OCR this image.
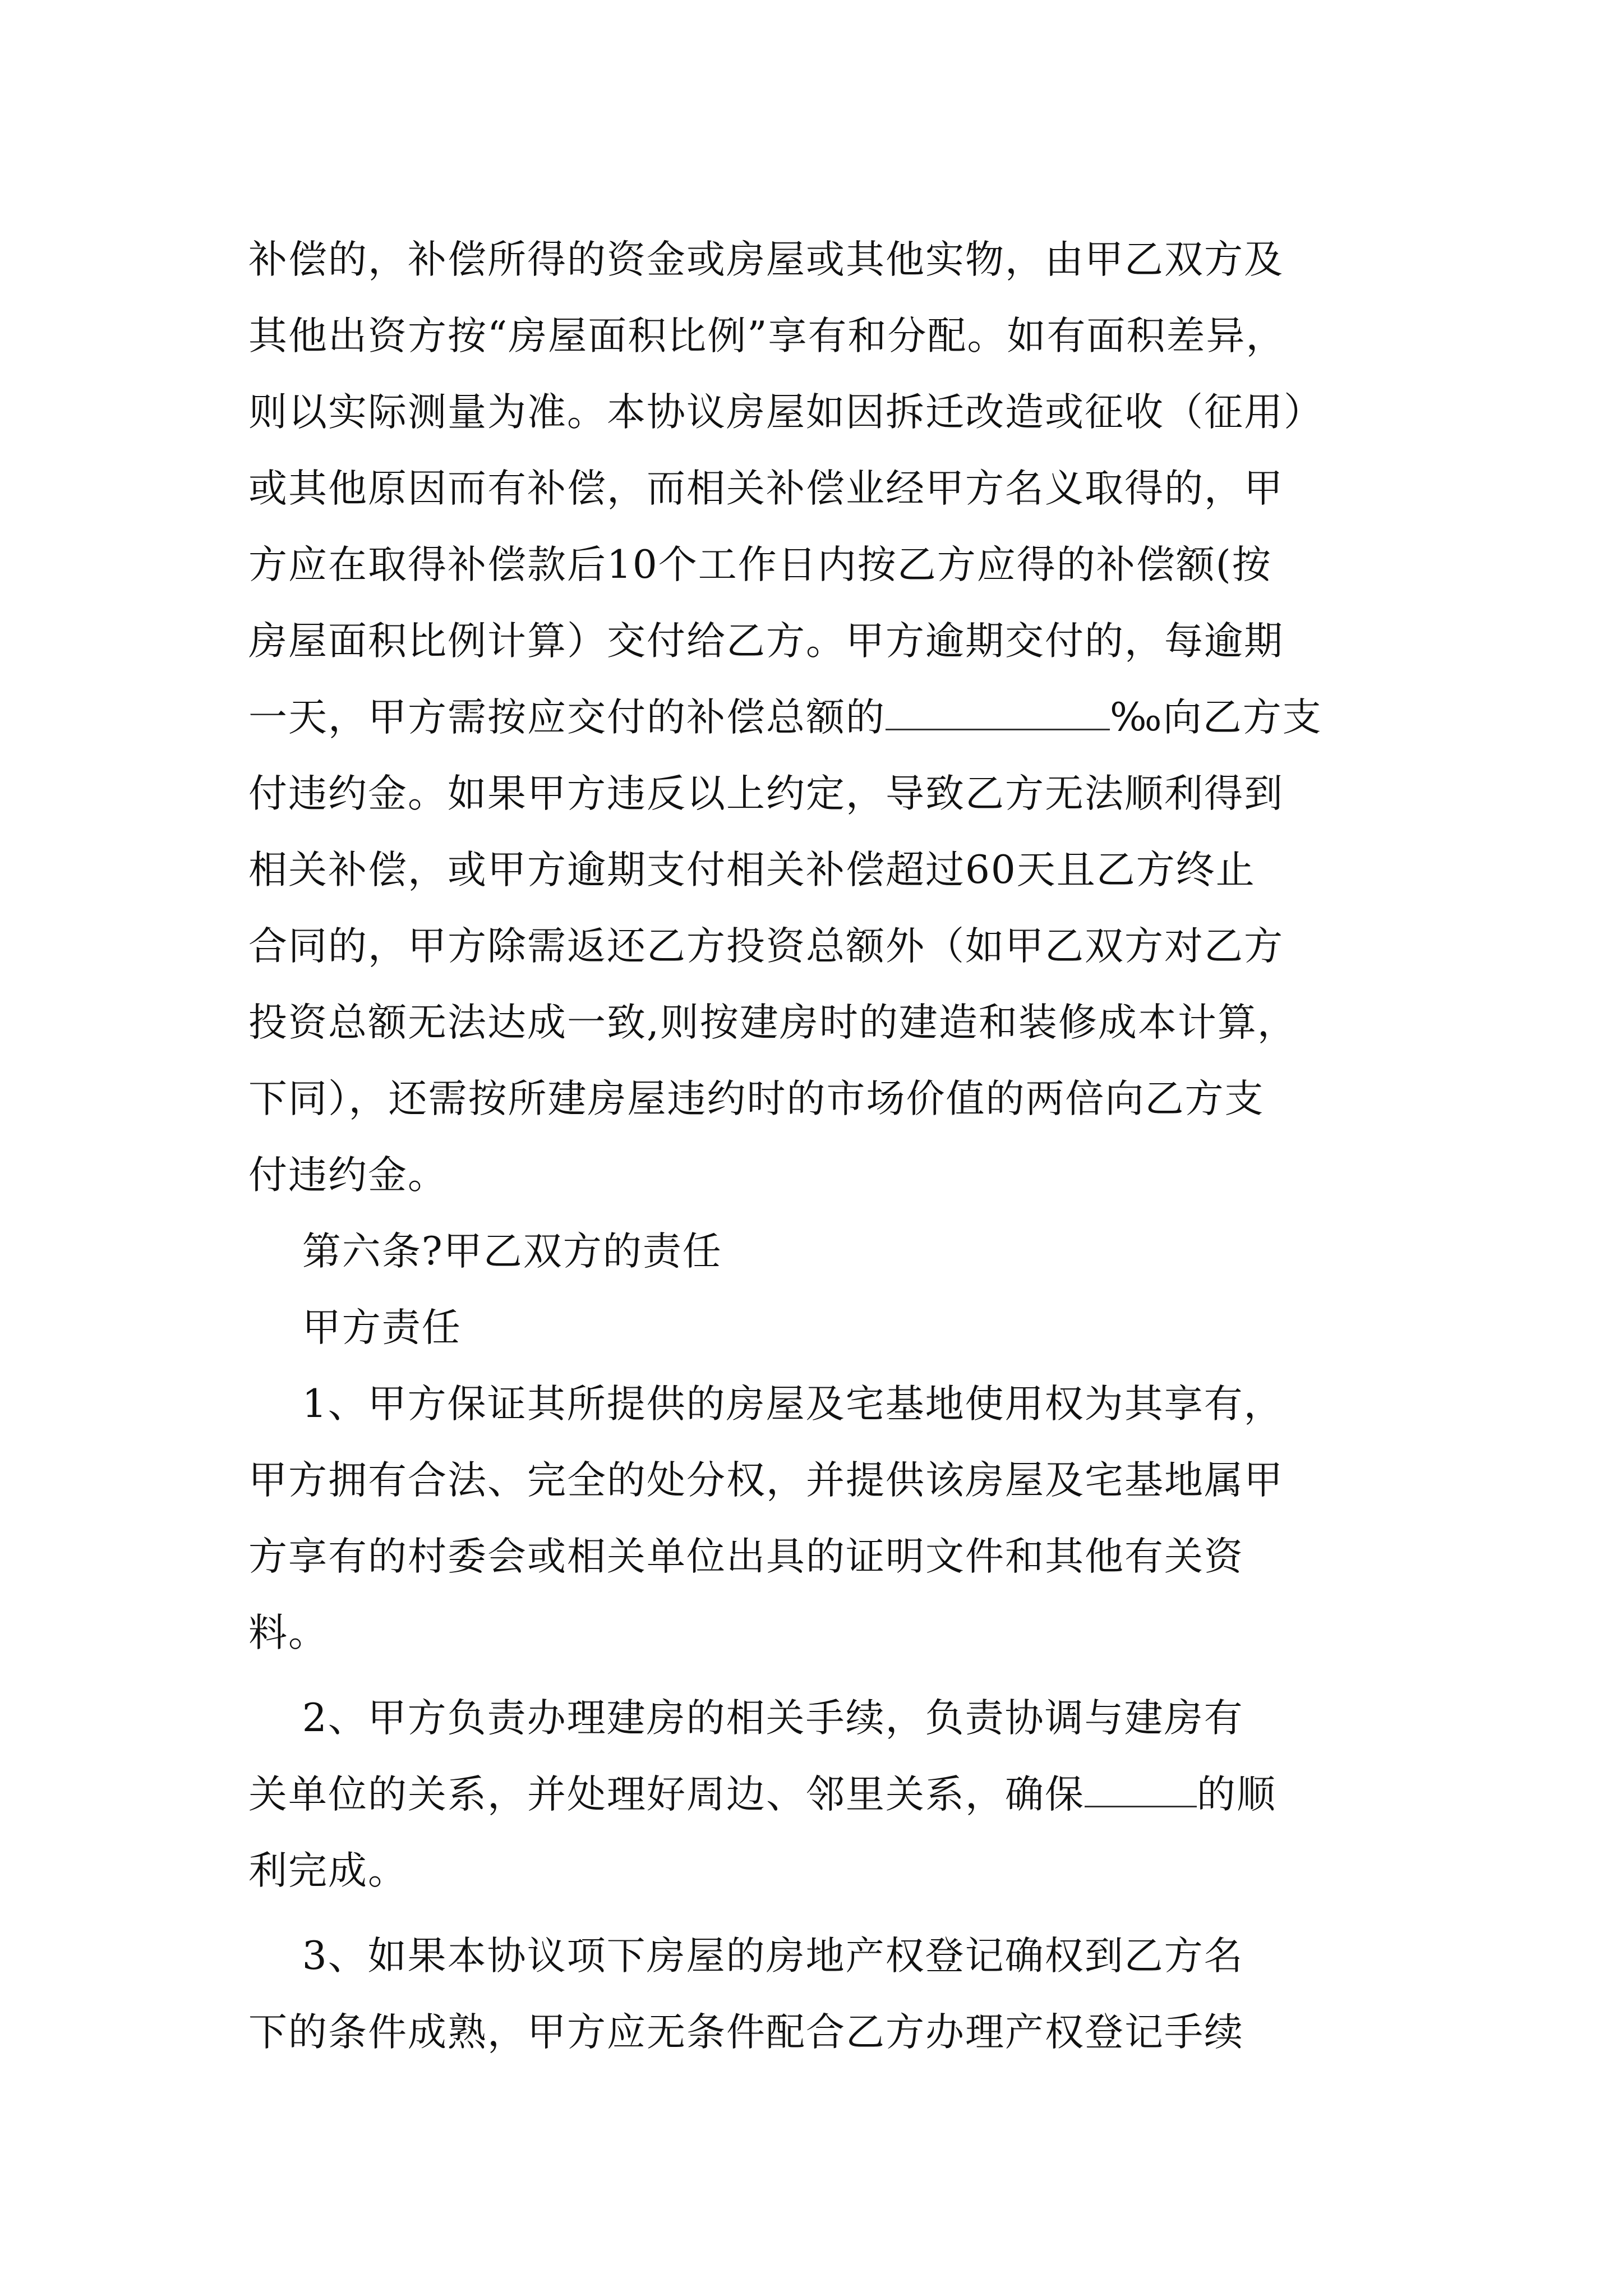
补偿的，补偿所得的资金或房屋或其他实物，由甲乙双方及
其他出资方按“房屋面积比例”享有和分配。如有面积差异，
则以实际测量为准。本协议房屋如因拆迁改造或征收（征用）
或其他原因而有补偿，而相关补偿业经甲方名义取得的，甲
方应在取得补偿款后10个工作日内按乙方应得的补偿额(按
房屋面积比例计算）交付给乙方。甲方逾期交付的，每逾期
一天，甲方需按应交付的补偿总额的	‰向乙方支
付违约金。如果甲方违反以上约定，导致乙方无法顺利得到
相关补偿，或甲方逾期支付相关补偿超过60天且乙方终止
合同的，甲方除需返还乙方投资总额外（如甲乙双方对乙方
投资总额无法达成一致,则按建房时的建造和装修成本计算，
下同），还需按所建房屋违约时的市场价值的两倍向乙方支
付违约金。
第六条?甲乙双方的责任
甲方责任
1、甲方保证其所提供的房屋及宅基地使用权为其享有，
甲方拥有合法、完全的处分权，并提供该房屋及宅基地属甲
方享有的村委会或相关单位出具的证明文件和其他有关资
料。
2、甲方负责办理建房的相关手续，负责协调与建房有
关单位的关系，并处理好周边、邻里关系，确保	的顺
利完成。
3、如果本协议项下房屋的房地产权登记确权到乙方名
下的条件成熟，甲方应无条件配合乙方办理产权登记手续
